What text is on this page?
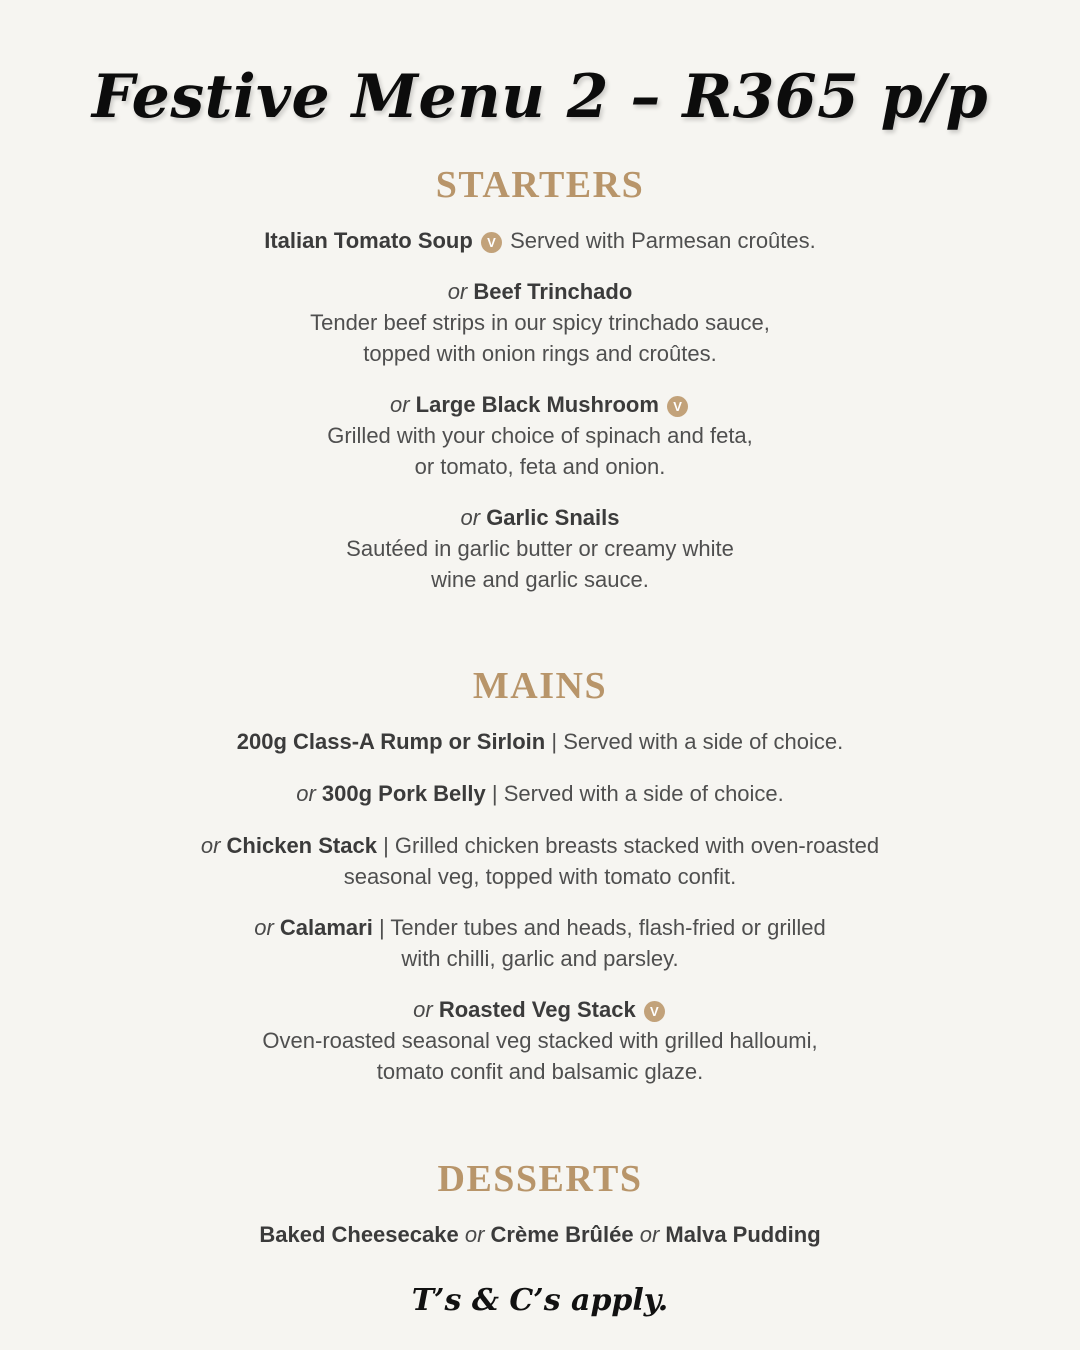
Festive Menu 2 – R365 p/p
STARTERS
Italian Tomato Soup V Served with Parmesan croûtes.
or Beef Trinchado
Tender beef strips in our spicy trinchado sauce,
topped with onion rings and croûtes.
or Large Black Mushroom V
Grilled with your choice of spinach and feta,
or tomato, feta and onion.
or Garlic Snails
Sautéed in garlic butter or creamy white
wine and garlic sauce.
MAINS
200g Class-A Rump or Sirloin | Served with a side of choice.
or 300g Pork Belly | Served with a side of choice.
or Chicken Stack | Grilled chicken breasts stacked with oven-roasted
seasonal veg, topped with tomato confit.
or Calamari | Tender tubes and heads, flash-fried or grilled
with chilli, garlic and parsley.
or Roasted Veg Stack V
Oven-roasted seasonal veg stacked with grilled halloumi,
tomato confit and balsamic glaze.
DESSERTS
Baked Cheesecake or Crème Brûlée or Malva Pudding
T’s & C’s apply.
